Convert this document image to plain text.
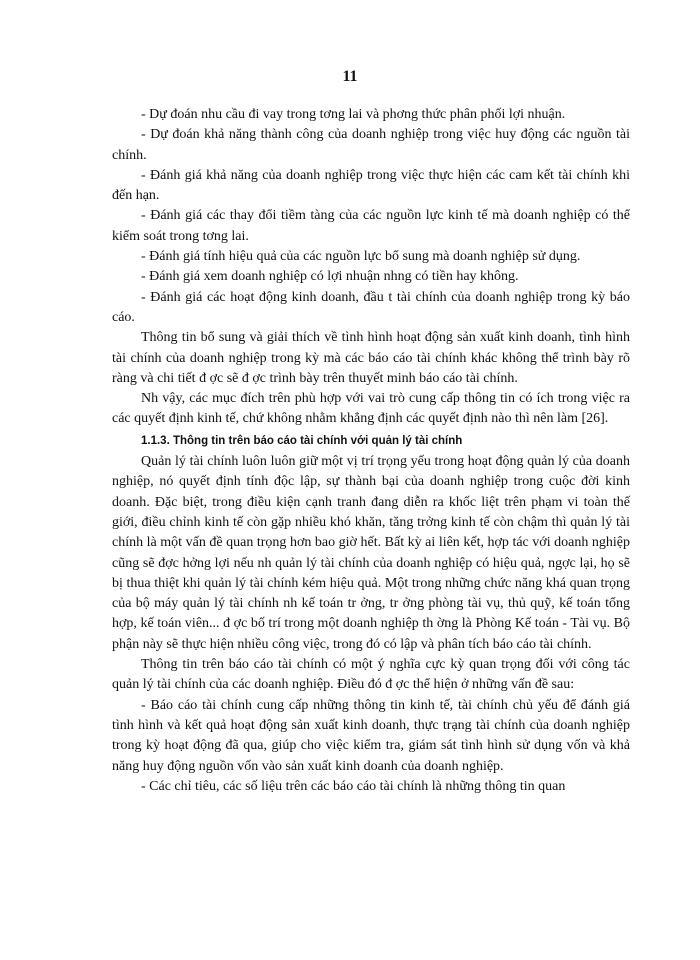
11

- Dự đoán nhu cầu đi vay trong tơng lai và phơng thức phân phối lợi nhuận.

- Dự đoán khả năng thành công của doanh nghiệp trong việc huy động các nguồn tài chính.

- Đánh giá khả năng của doanh nghiệp trong việc thực hiện các cam kết tài chính khi đến hạn.

- Đánh giá các thay đổi tiềm tàng của các nguồn lực kinh tế mà doanh nghiệp có thể kiểm soát trong tơng lai.

- Đánh giá tính hiệu quả của các nguồn lực bổ sung mà doanh nghiệp sử dụng.

- Đánh giá xem doanh nghiệp có lợi nhuận nhng có tiền hay không.

- Đánh giá các hoạt động kinh doanh, đầu t tài chính của doanh nghiệp trong kỳ báo cáo.

Thông tin bổ sung và giải thích về tình hình hoạt động sản xuất kinh doanh, tình hình tài chính của doanh nghiệp trong kỳ mà các báo cáo tài chính khác không thể trình bày rõ ràng và chi tiết đ ợc sẽ đ ợc trình bày trên thuyết minh báo cáo tài chính.

Nh vậy, các mục đích trên phù hợp với vai trò cung cấp thông tin có ích trong việc ra các quyết định kinh tế, chứ không nhằm khẳng định các quyết định nào thì nên làm [26].

1.1.3. Thông tin trên báo cáo tài chính với quản lý tài chính

Quản lý tài chính luôn luôn giữ một vị trí trọng yếu trong hoạt động quản lý của doanh nghiệp, nó quyết định tính độc lập, sự thành bại của doanh nghiệp trong cuộc đời kinh doanh. Đặc biệt, trong điều kiện cạnh tranh đang diễn ra khốc liệt trên phạm vi toàn thế giới, điều chỉnh kinh tế còn gặp nhiều khó khăn, tăng trởng kinh tế còn chậm thì quản lý tài chính là một vấn đề quan trọng hơn bao giờ hết. Bất kỳ ai liên kết, hợp tác với doanh nghiệp cũng sẽ đợc hởng lợi nếu nh quản lý tài chính của doanh nghiệp có hiệu quả, ngợc lại, họ sẽ bị thua thiệt khi quản lý tài chính kém hiệu quả. Một trong những chức năng khá quan trọng của bộ máy quản lý tài chính nh kế toán tr ởng, tr ởng phòng tài vụ, thủ quỹ, kế toán tổng hợp, kế toán viên... đ ợc bố trí trong một doanh nghiệp th ờng là Phòng Kế toán - Tài vụ. Bộ phận này sẽ thực hiện nhiều công việc, trong đó có lập và phân tích báo cáo tài chính.

Thông tin trên báo cáo tài chính có một ý nghĩa cực kỳ quan trọng đối với công tác quản lý tài chính của các doanh nghiệp. Điều đó đ ợc thể hiện ở những vấn đề sau:

- Báo cáo tài chính cung cấp những thông tin kinh tế, tài chính chủ yếu để đánh giá tình hình và kết quả hoạt động sản xuất kinh doanh, thực trạng tài chính của doanh nghiệp trong kỳ hoạt động đã qua, giúp cho việc kiểm tra, giám sát tình hình sử dụng vốn và khả năng huy động nguồn vốn vào sản xuất kinh doanh của doanh nghiệp.

- Các chỉ tiêu, các số liệu trên các báo cáo tài chính là những thông tin quan
